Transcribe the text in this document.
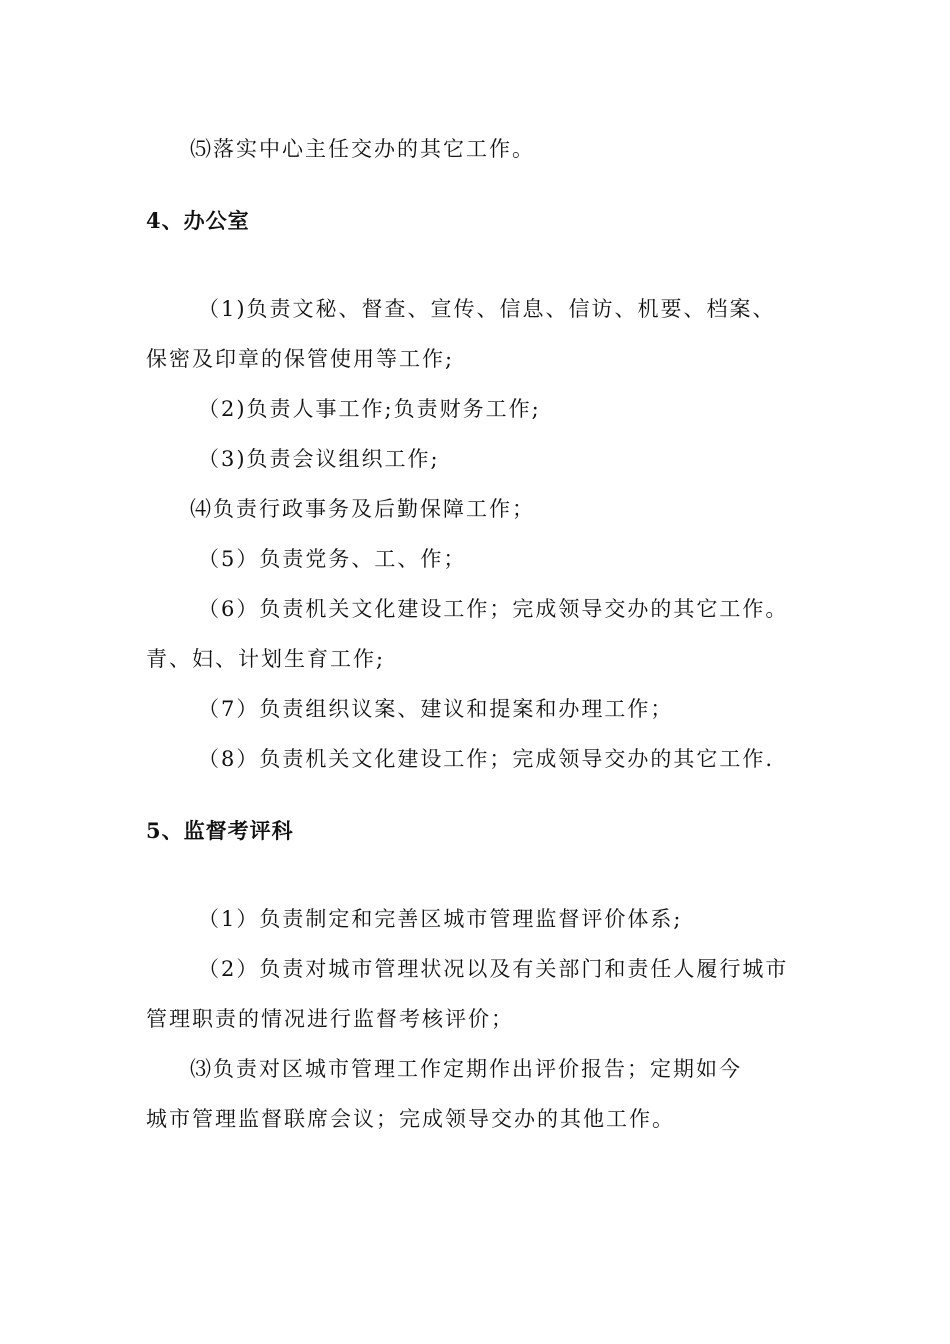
⑸落实中心主任交办的其它工作。
4、办公室
（1)负责文秘、督查、宣传、信息、信访、机要、档案、
保密及印章的保管使用等工作;
（2)负责人事工作;负责财务工作;
（3)负责会议组织工作;
⑷负责行政事务及后勤保障工作；
（5）负责党务、工、作；
（6）负责机关文化建设工作；完成领导交办的其它工作。
青、妇、计划生育工作;
（7）负责组织议案、建议和提案和办理工作；
（8）负责机关文化建设工作；完成领导交办的其它工作.
5、监督考评科
（1）负责制定和完善区城市管理监督评价体系;
（2）负责对城市管理状况以及有关部门和责任人履行城市
管理职责的情况进行监督考核评价；
⑶负责对区城市管理工作定期作出评价报告；定期如今
城市管理监督联席会议；完成领导交办的其他工作。
